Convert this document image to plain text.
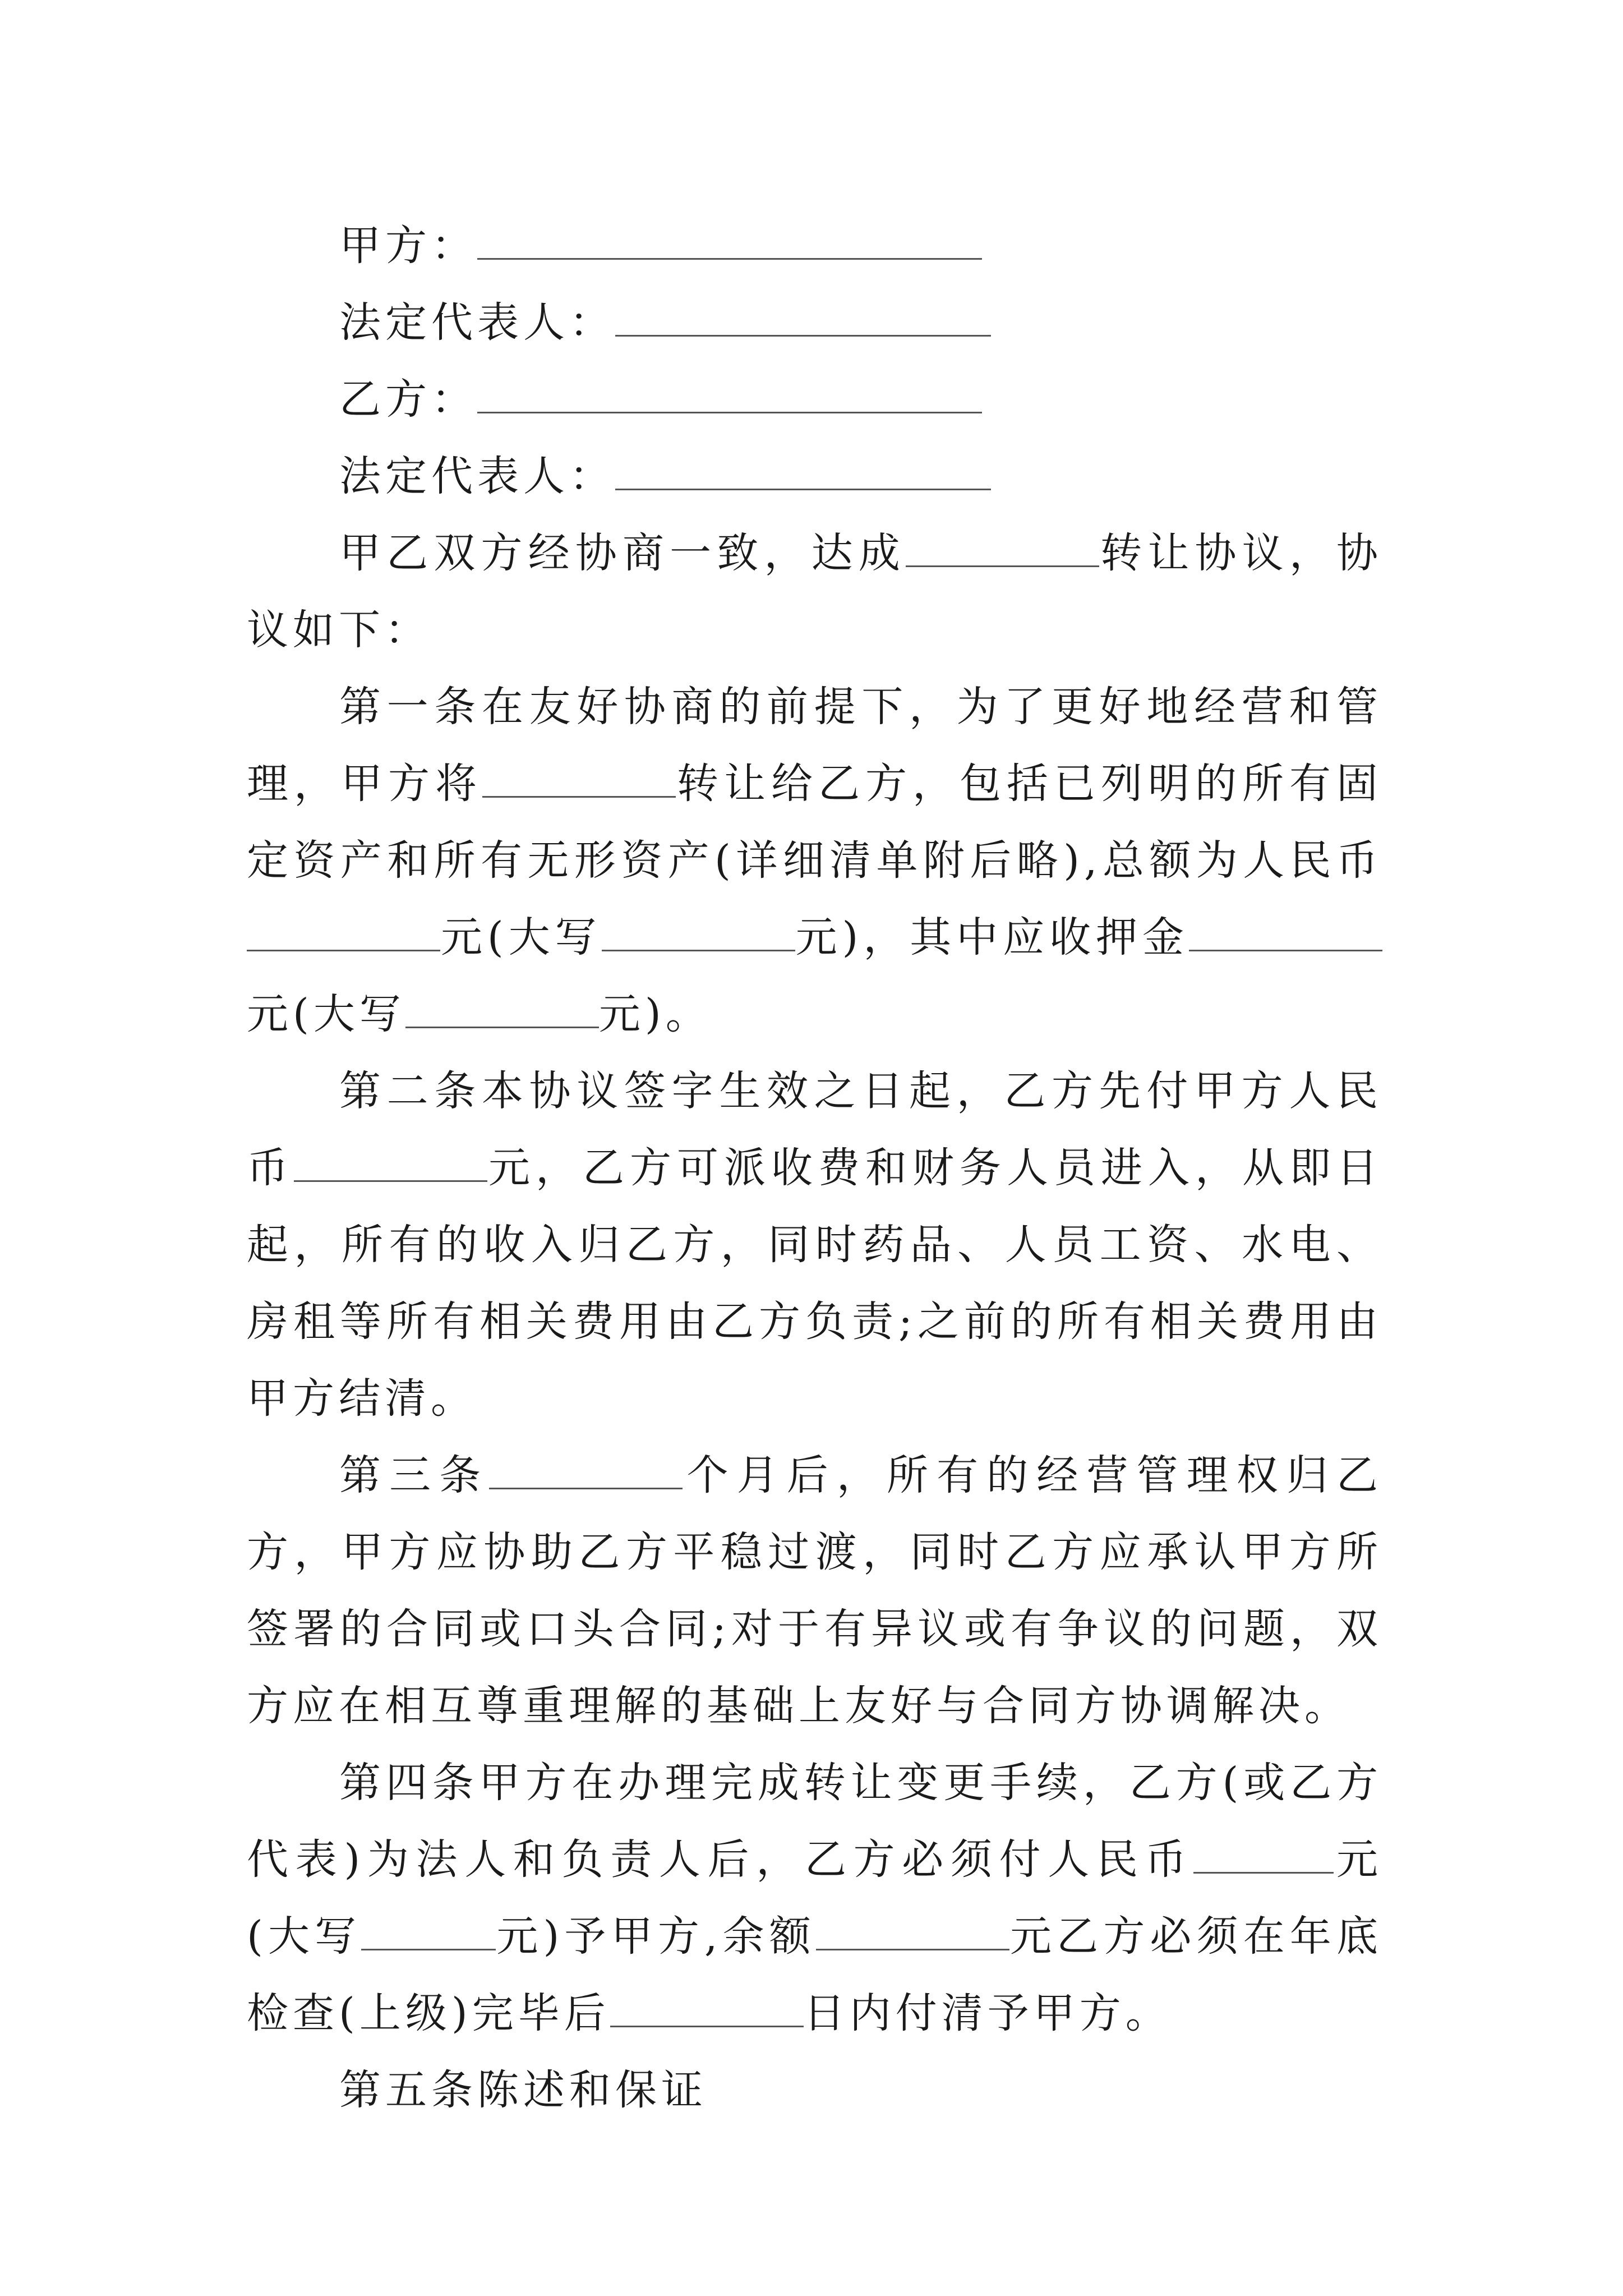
甲方：
法定代表人：
乙方：
法定代表人：

甲乙双方经协商一致，达成	转让协议，协议如下：

第一条在友好协商的前提下，为了更好地经营和管理，甲方将	转让给乙方，包括已列明的所有固定资产和所有无形资产(详细清单附后略),总额为人民币元(大写	元)，其中应收押金元(大写	元)。

第二条本协议签字生效之日起，乙方先付甲方人民币	元，乙方可派收费和财务人员进入，从即日起，所有的收入归乙方，同时药品、人员工资、水电、房租等所有相关费用由乙方负责;之前的所有相关费用由甲方结清。

第三条	个月后，所有的经营管理权归乙方，甲方应协助乙方平稳过渡，同时乙方应承认甲方所签署的合同或口头合同;对于有异议或有争议的问题，双方应在相互尊重理解的基础上友好与合同方协调解决。

第四条甲方在办理完成转让变更手续，乙方(或乙方代表)为法人和负责人后，乙方必须付人民币	元(大写	元)予甲方,余额	元乙方必须在年底检查(上级)完毕后	日内付清予甲方。

第五条陈述和保证
